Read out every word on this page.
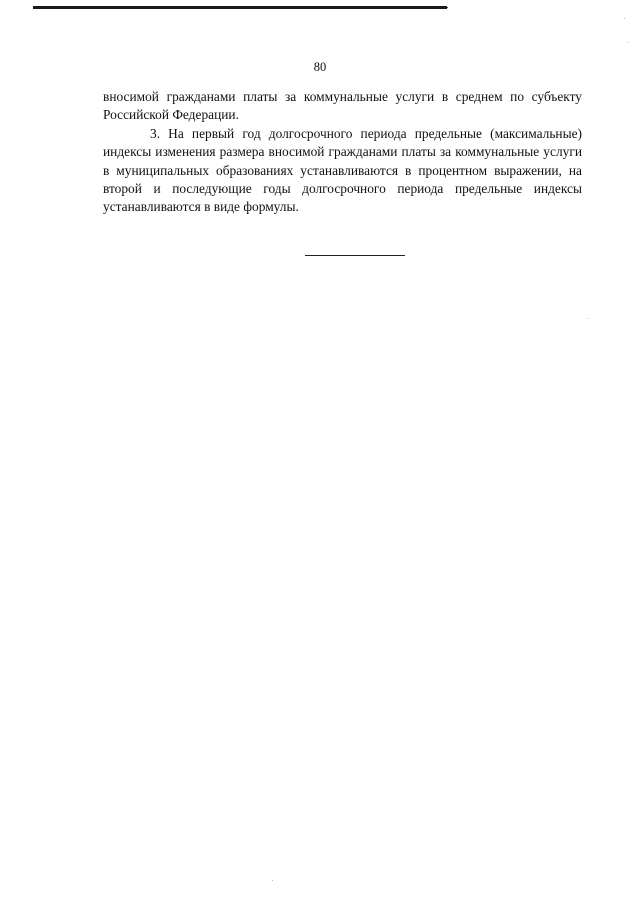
80

вносимой гражданами платы за коммунальные услуги в среднем по субъекту Российской Федерации.

3. На первый год долгосрочного периода предельные (максимальные) индексы изменения размера вносимой гражданами платы за коммунальные услуги в муниципальных образованиях устанавливаются в процентном выражении, на второй и последующие годы долгосрочного периода предельные индексы устанавливаются в виде формулы.
